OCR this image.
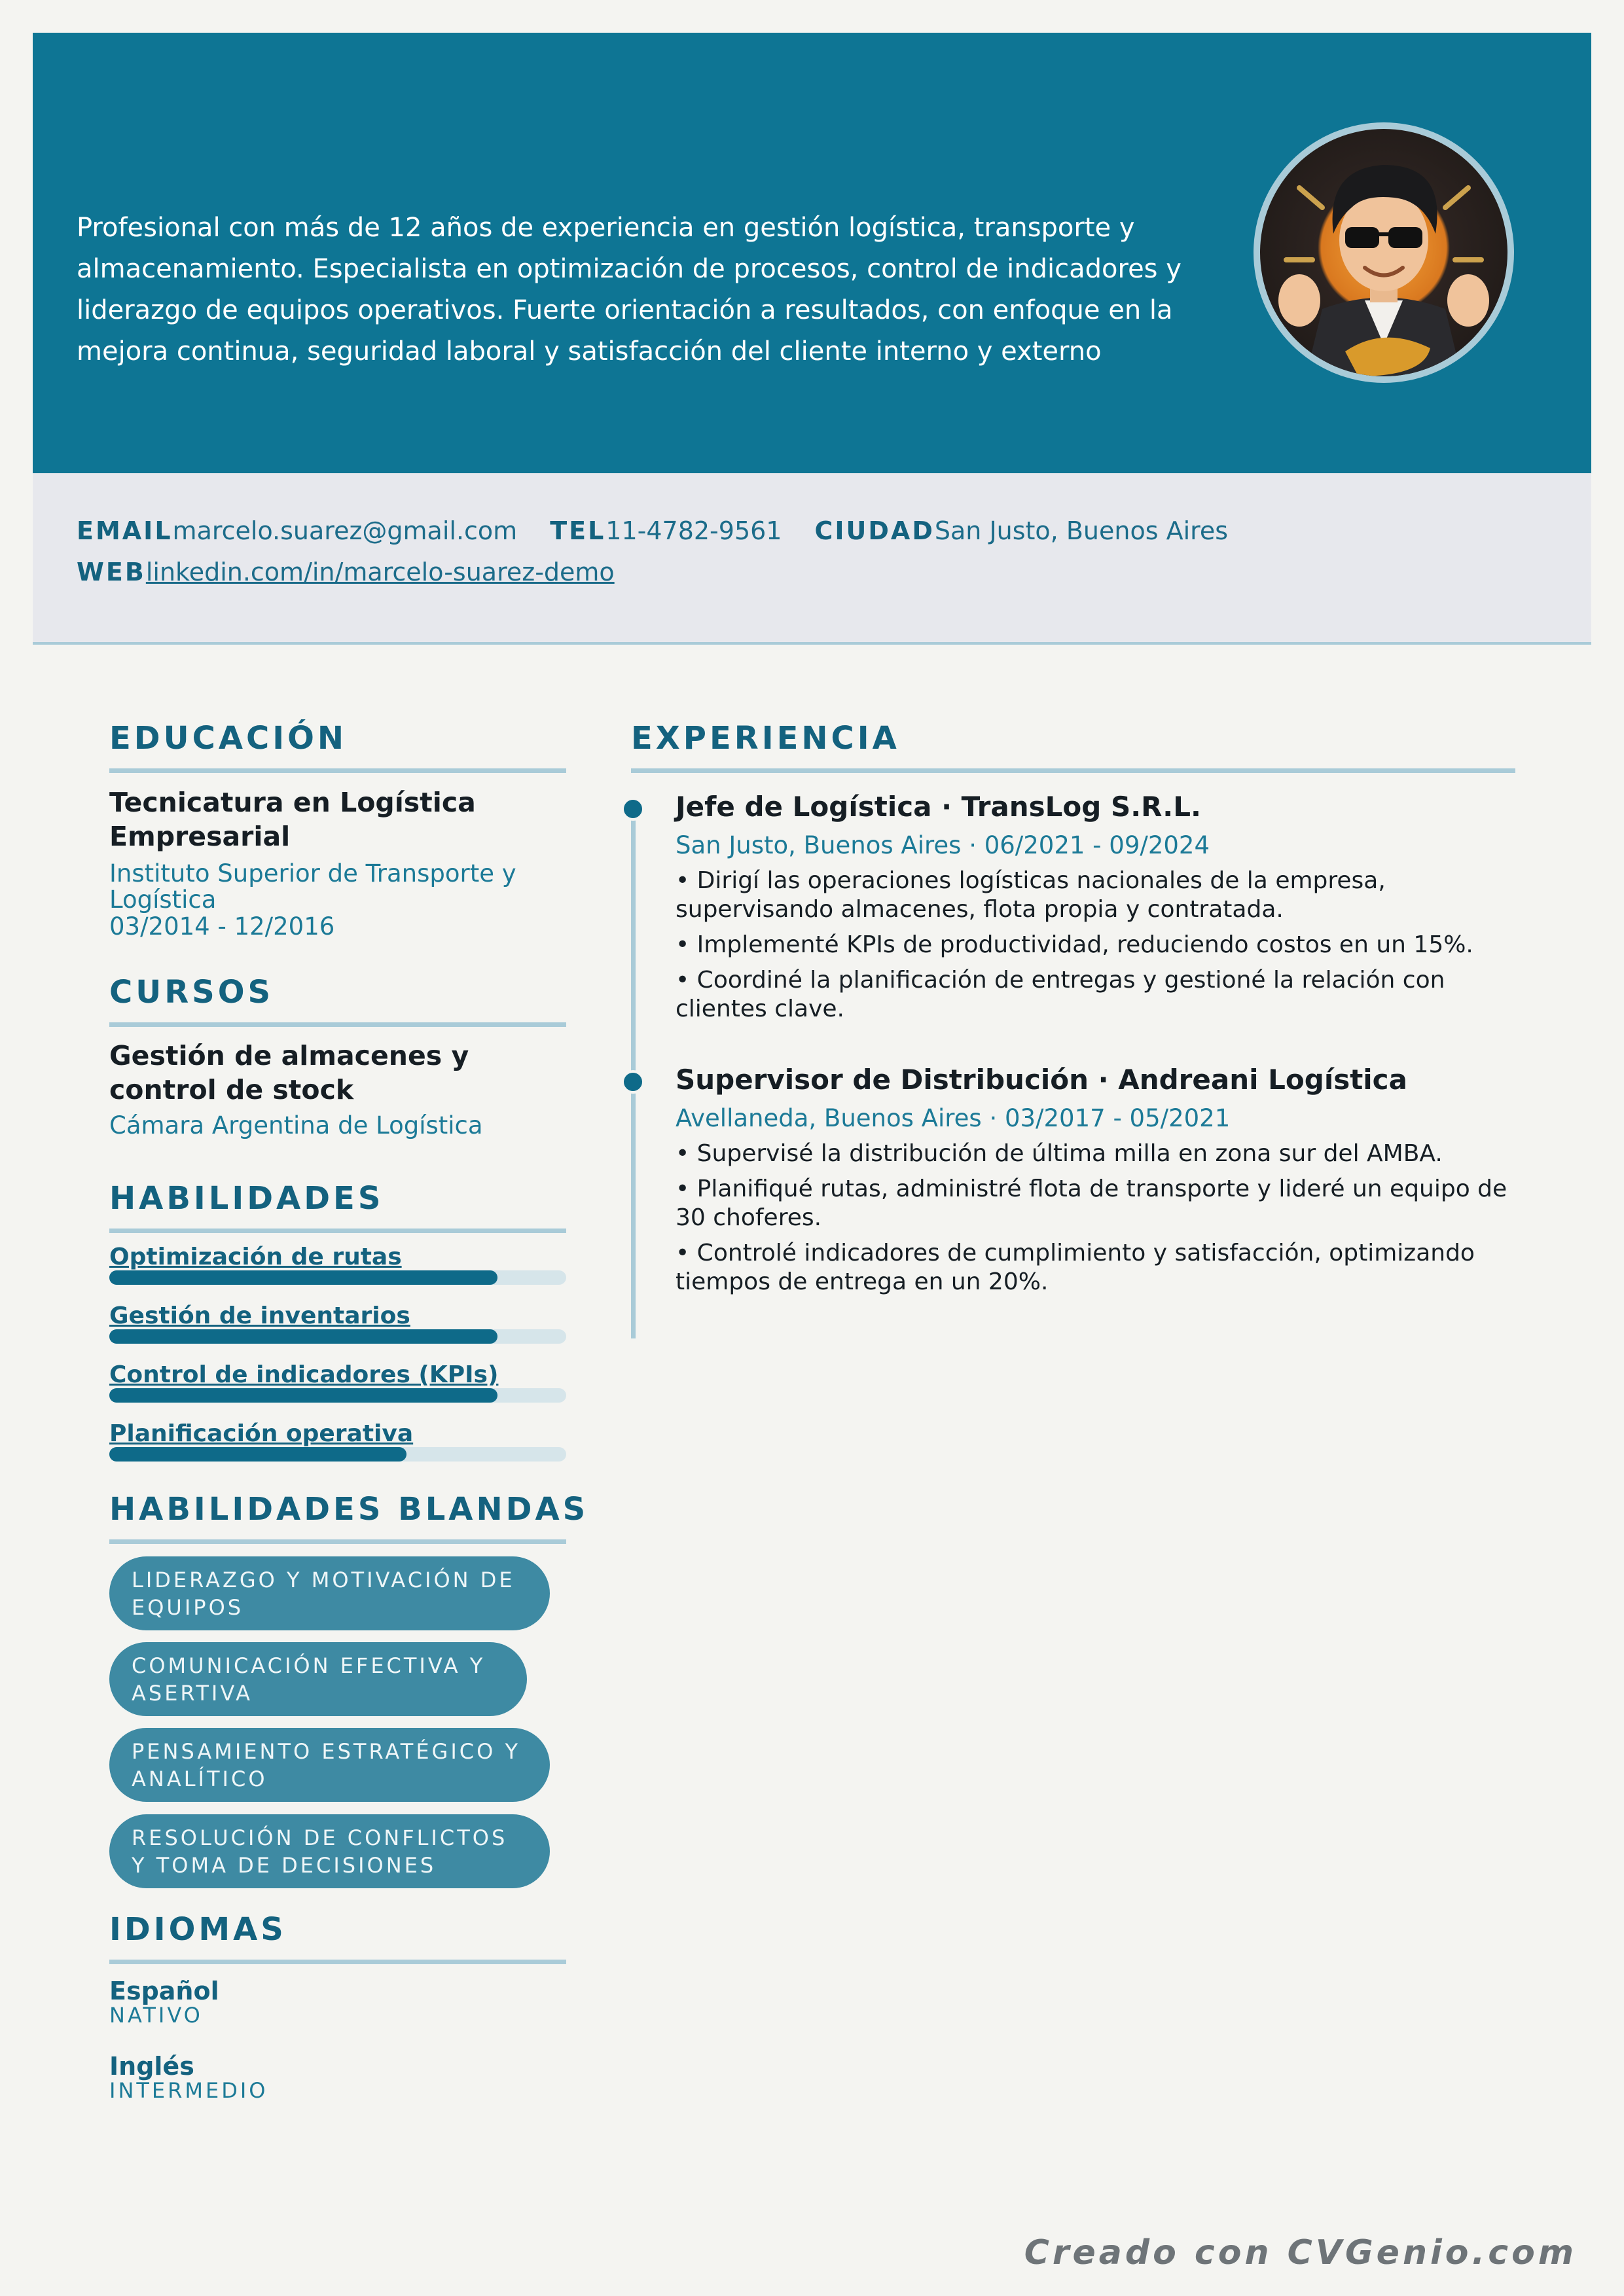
Profesional con más de 12 años de experiencia en gestión logística, transporte y almacenamiento. Especialista en optimización de procesos, control de indicadores y liderazgo de equipos operativos. Fuerte orientación a resultados, con enfoque en la mejora continua, seguridad laboral y satisfacción del cliente interno y externo
EMAILmarcelo.suarez@gmail.com TEL11-4782-9561 CIUDADSan Justo, Buenos Aires
WEBlinkedin.com/in/marcelo-suarez-demo
EDUCACIÓN
Tecnicatura en Logística Empresarial
Instituto Superior de Transporte y Logística
03/2014 - 12/2016
CURSOS
Gestión de almacenes y control de stock
Cámara Argentina de Logística
HABILIDADES
Optimización de rutas
Gestión de inventarios
Control de indicadores (KPIs)
Planificación operativa
HABILIDADES BLANDAS
LIDERAZGO Y MOTIVACIÓN DE EQUIPOS
COMUNICACIÓN EFECTIVA Y ASERTIVA
PENSAMIENTO ESTRATÉGICO Y ANALÍTICO
RESOLUCIÓN DE CONFLICTOS Y TOMA DE DECISIONES
IDIOMAS
Español
NATIVO
Inglés
INTERMEDIO
EXPERIENCIA
Jefe de Logística · TransLog S.R.L.
San Justo, Buenos Aires · 06/2021 - 09/2024
• Dirigí las operaciones logísticas nacionales de la empresa, supervisando almacenes, flota propia y contratada.
• Implementé KPIs de productividad, reduciendo costos en un 15%.
• Coordiné la planificación de entregas y gestioné la relación con clientes clave.
Supervisor de Distribución · Andreani Logística
Avellaneda, Buenos Aires · 03/2017 - 05/2021
• Supervisé la distribución de última milla en zona sur del AMBA.
• Planifiqué rutas, administré flota de transporte y lideré un equipo de 30 choferes.
• Controlé indicadores de cumplimiento y satisfacción, optimizando tiempos de entrega en un 20%.
Creado con CVGenio.com
